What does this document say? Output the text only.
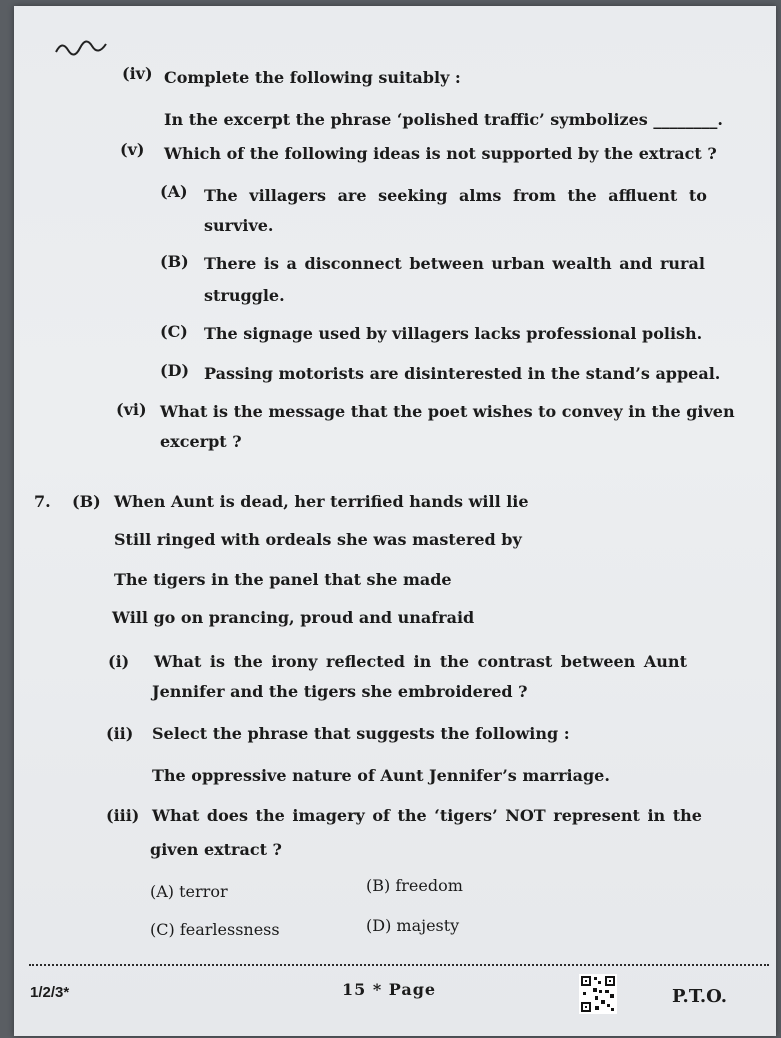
(iv) Complete the following suitably :
In the excerpt the phrase ‘polished traffic’ symbolizes ________.
(v) Which of the following ideas is not supported by the extract ?
(A) The villagers are seeking alms from the affluent to
survive.
(B) There is a disconnect between urban wealth and rural
struggle.
(C) The signage used by villagers lacks professional polish.
(D) Passing motorists are disinterested in the stand’s appeal.
(vi) What is the message that the poet wishes to convey in the given
excerpt ?
7. (B) When Aunt is dead, her terrified hands will lie
Still ringed with ordeals she was mastered by
The tigers in the panel that she made
Will go on prancing, proud and unafraid
(i) What is the irony reflected in the contrast between Aunt
Jennifer and the tigers she embroidered ?
(ii) Select the phrase that suggests the following :
The oppressive nature of Aunt Jennifer’s marriage.
(iii) What does the imagery of the ‘tigers’ NOT represent in the
given extract ?
(A) terror	(B) freedom
(C) fearlessness	(D) majesty
1/2/3*	15 * Page	P.T.O.
